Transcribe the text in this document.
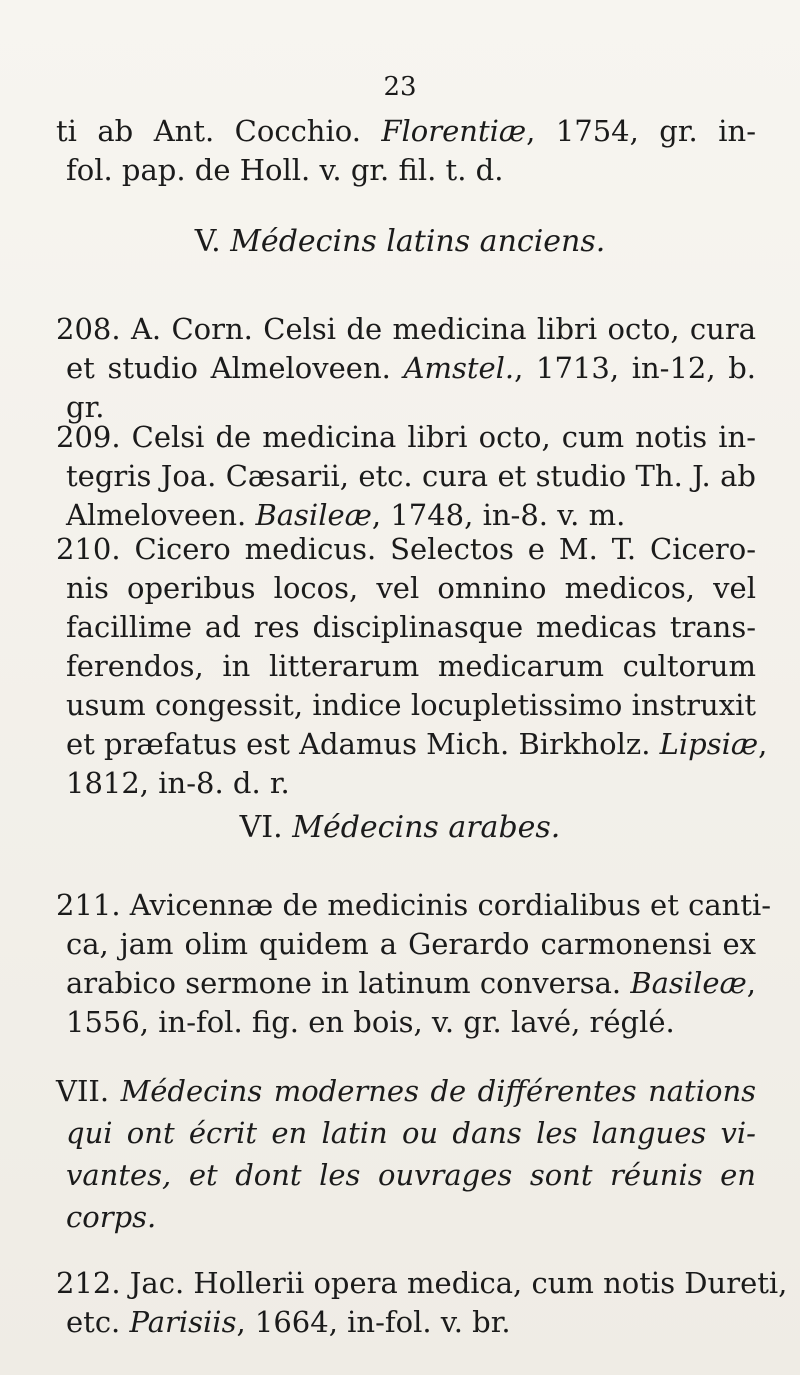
23
ti ab Ant. Cocchio. Florentiæ, 1754, gr. in-
fol. pap. de Holl. v. gr. fil. t. d.
V. Médecins latins anciens.
208. A. Corn. Celsi de medicina libri octo, cura
et studio Almeloveen. Amstel., 1713, in-12, b.
gr.
209. Celsi de medicina libri octo, cum notis in-
tegris Joa. Cæsarii, etc. cura et studio Th. J. ab
Almeloveen. Basileæ, 1748, in-8. v. m.
210. Cicero medicus. Selectos e M. T. Cicero-
nis operibus locos, vel omnino medicos, vel
facillime ad res disciplinasque medicas trans-
ferendos, in litterarum medicarum cultorum
usum congessit, indice locupletissimo instruxit
et præfatus est Adamus Mich. Birkholz. Lipsiæ,
1812, in-8. d. r.
VI. Médecins arabes.
211. Avicennæ de medicinis cordialibus et canti-
ca, jam olim quidem a Gerardo carmonensi ex
arabico sermone in latinum conversa. Basileæ,
1556, in-fol. fig. en bois, v. gr. lavé, réglé.
VII. Médecins modernes de différentes nations
qui ont écrit en latin ou dans les langues vi-
vantes, et dont les ouvrages sont réunis en
corps.
212. Jac. Hollerii opera medica, cum notis Dureti,
etc. Parisiis, 1664, in-fol. v. br.
